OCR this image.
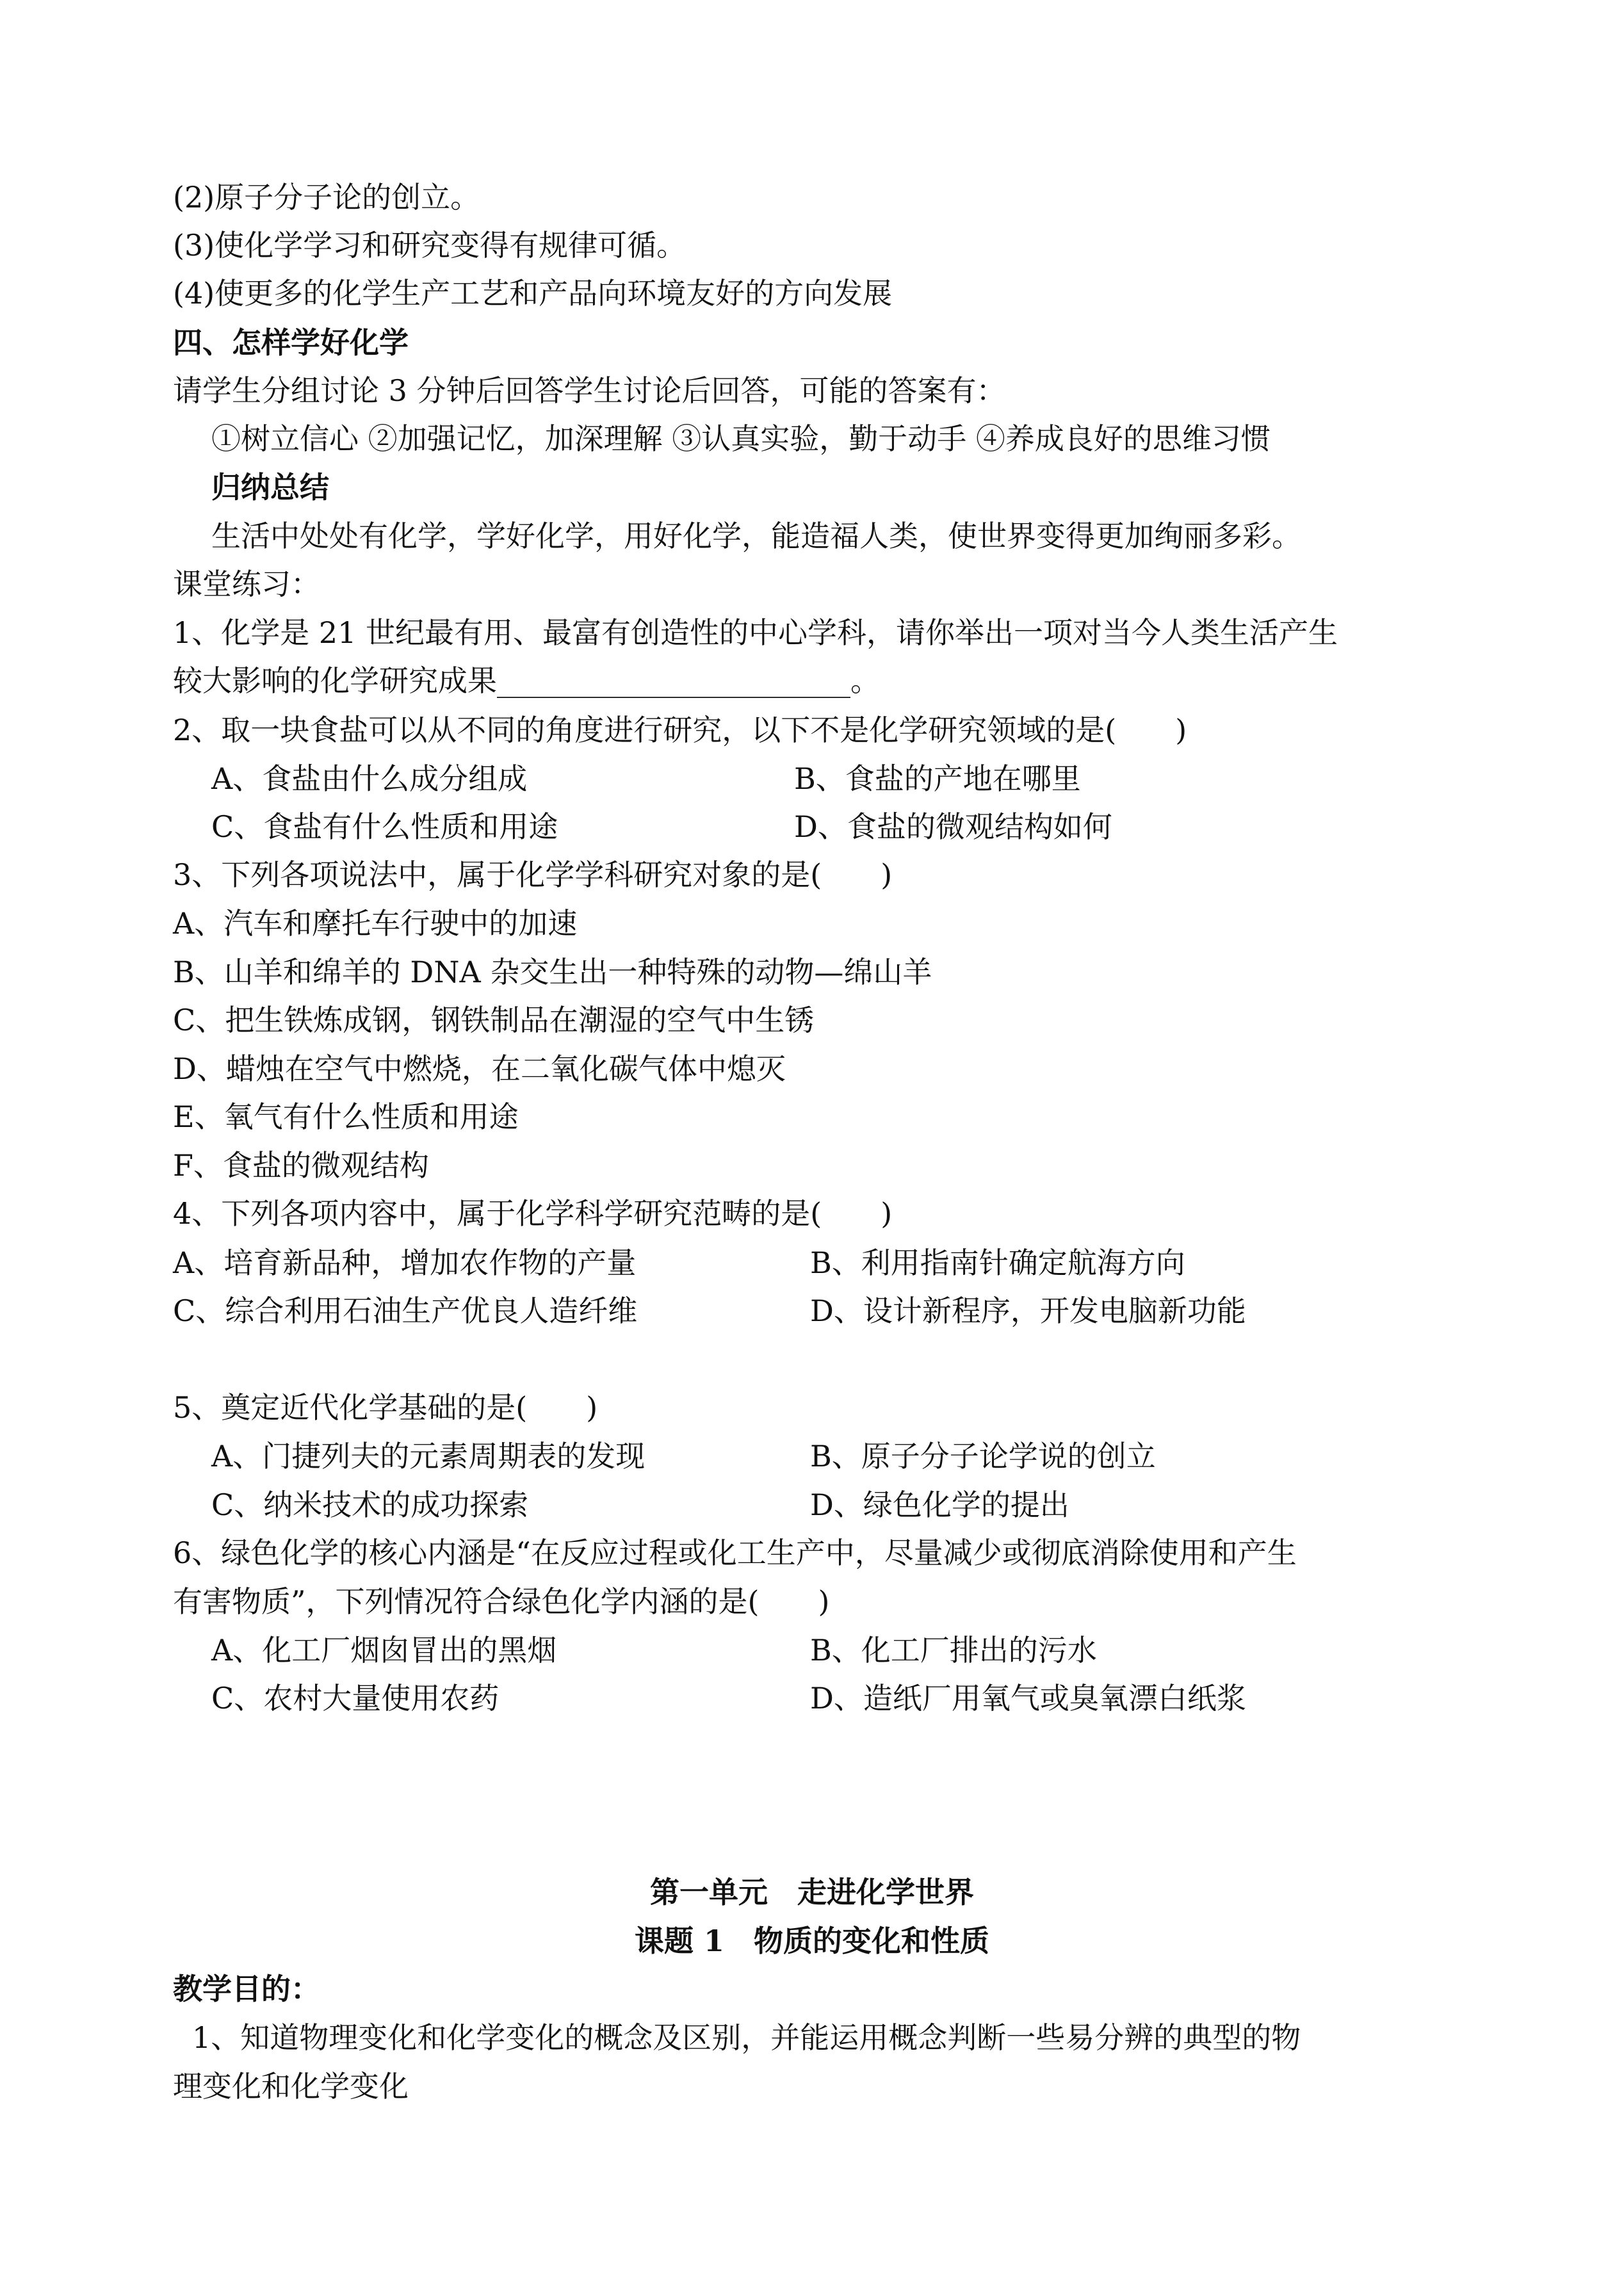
(2)原子分子论的创立。
(3)使化学学习和研究变得有规律可循。
(4)使更多的化学生产工艺和产品向环境友好的方向发展
四、怎样学好化学
请学生分组讨论 3 分钟后回答学生讨论后回答，可能的答案有：
①树立信心 ②加强记忆，加深理解 ③认真实验，勤于动手 ④养成良好的思维习惯
归纳总结
生活中处处有化学，学好化学，用好化学，能造福人类，使世界变得更加绚丽多彩。
课堂练习：
1、化学是 21 世纪最有用、最富有创造性的中心学科，请你举出一项对当今人类生活产生
较大影响的化学研究成果________________________。
2、取一块食盐可以从不同的角度进行研究，以下不是化学研究领域的是(　　)
A、食盐由什么成分组成	B、食盐的产地在哪里
C、食盐有什么性质和用途	D、食盐的微观结构如何
3、下列各项说法中，属于化学学科研究对象的是(　　)
A、汽车和摩托车行驶中的加速
B、山羊和绵羊的 DNA 杂交生出一种特殊的动物—绵山羊
C、把生铁炼成钢，钢铁制品在潮湿的空气中生锈
D、蜡烛在空气中燃烧，在二氧化碳气体中熄灭
E、氧气有什么性质和用途
F、食盐的微观结构
4、下列各项内容中，属于化学科学研究范畴的是(　　)
A、培育新品种，增加农作物的产量	B、利用指南针确定航海方向
C、综合利用石油生产优良人造纤维	D、设计新程序，开发电脑新功能
5、奠定近代化学基础的是(　　)
A、门捷列夫的元素周期表的发现	B、原子分子论学说的创立
C、纳米技术的成功探索	D、绿色化学的提出
6、绿色化学的核心内涵是“在反应过程或化工生产中，尽量减少或彻底消除使用和产生
有害物质”，下列情况符合绿色化学内涵的是(　　)
A、化工厂烟囱冒出的黑烟	B、化工厂排出的污水
C、农村大量使用农药	D、造纸厂用氧气或臭氧漂白纸浆
第一单元　走进化学世界
课题 1　物质的变化和性质
教学目的：
1、知道物理变化和化学变化的概念及区别，并能运用概念判断一些易分辨的典型的物
理变化和化学变化
